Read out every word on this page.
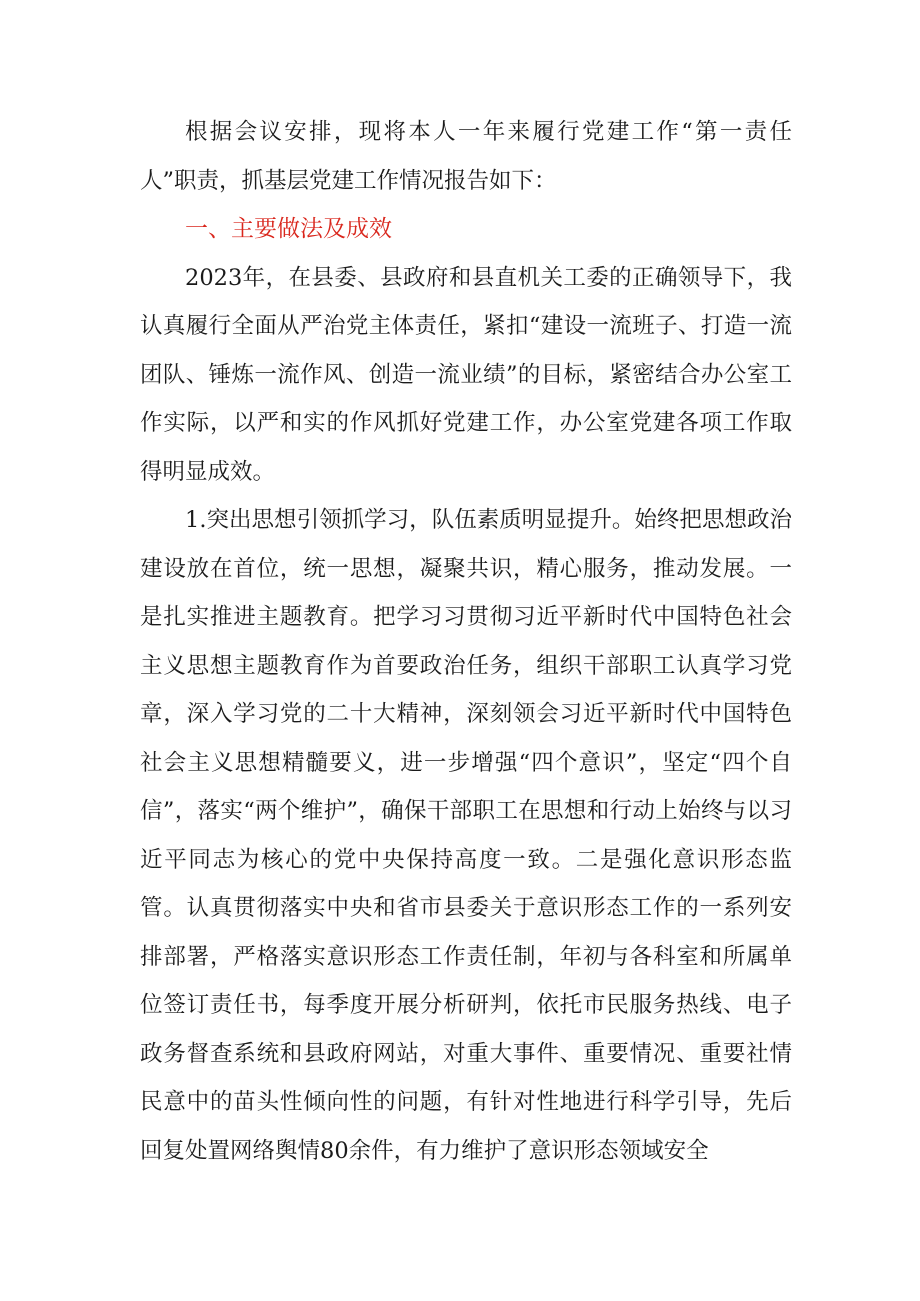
根据会议安排，现将本人一年来履行党建工作“第一责任人”职责，抓基层党建工作情况报告如下：

一、主要做法及成效

2023年，在县委、县政府和县直机关工委的正确领导下，我认真履行全面从严治党主体责任，紧扣“建设一流班子、打造一流团队、锤炼一流作风、创造一流业绩”的目标，紧密结合办公室工作实际，以严和实的作风抓好党建工作，办公室党建各项工作取得明显成效。

1.突出思想引领抓学习，队伍素质明显提升。始终把思想政治建设放在首位，统一思想，凝聚共识，精心服务，推动发展。一是扎实推进主题教育。把学习习贯彻习近平新时代中国特色社会主义思想主题教育作为首要政治任务，组织干部职工认真学习党章，深入学习党的二十大精神，深刻领会习近平新时代中国特色社会主义思想精髓要义，进一步增强“四个意识”，坚定“四个自信”，落实“两个维护”，确保干部职工在思想和行动上始终与以习近平同志为核心的党中央保持高度一致。二是强化意识形态监管。认真贯彻落实中央和省市县委关于意识形态工作的一系列安排部署，严格落实意识形态工作责任制，年初与各科室和所属单位签订责任书，每季度开展分析研判，依托市民服务热线、电子政务督查系统和县政府网站，对重大事件、重要情况、重要社情民意中的苗头性倾向性的问题，有针对性地进行科学引导，先后回复处置网络舆情80余件，有力维护了意识形态领域安全
